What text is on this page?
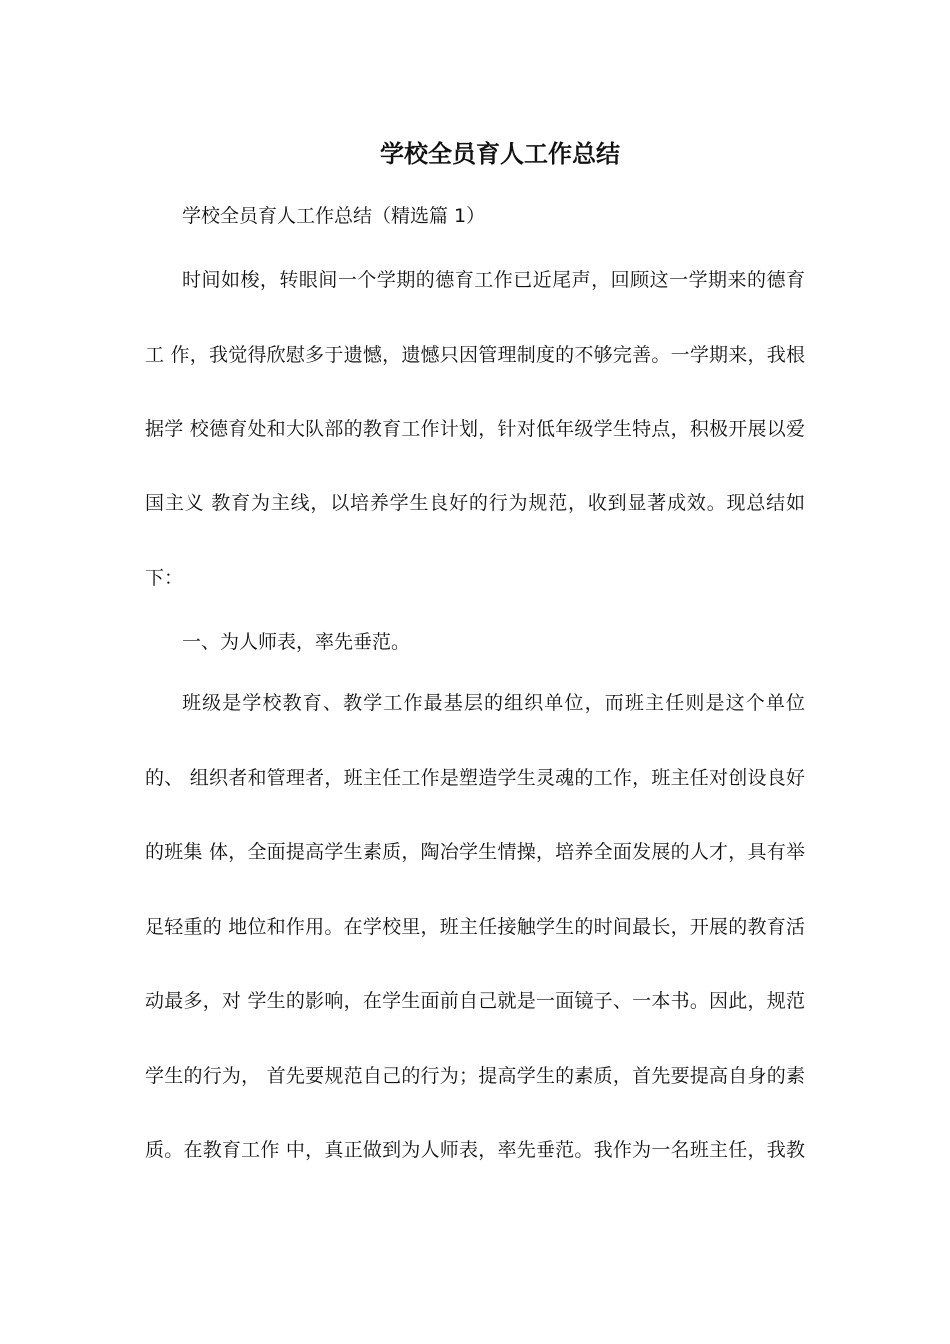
学校全员育人工作总结
学校全员育人工作总结（精选篇 1）
时间如梭，转眼间一个学期的德育工作已近尾声，回顾这一学期来的德育
工 作，我觉得欣慰多于遗憾，遗憾只因管理制度的不够完善。一学期来，我根
据学 校德育处和大队部的教育工作计划，针对低年级学生特点，积极开展以爱
国主义 教育为主线，以培养学生良好的行为规范，收到显著成效。现总结如
下：
一、为人师表，率先垂范。
班级是学校教育、教学工作最基层的组织单位，而班主任则是这个单位
的、 组织者和管理者，班主任工作是塑造学生灵魂的工作，班主任对创设良好
的班集 体，全面提高学生素质，陶冶学生情操，培养全面发展的人才，具有举
足轻重的 地位和作用。在学校里，班主任接触学生的时间最长，开展的教育活
动最多，对 学生的影响，在学生面前自己就是一面镜子、一本书。因此，规范
学生的行为， 首先要规范自己的行为；提高学生的素质，首先要提高自身的素
质。在教育工作 中，真正做到为人师表，率先垂范。我作为一名班主任，我教
